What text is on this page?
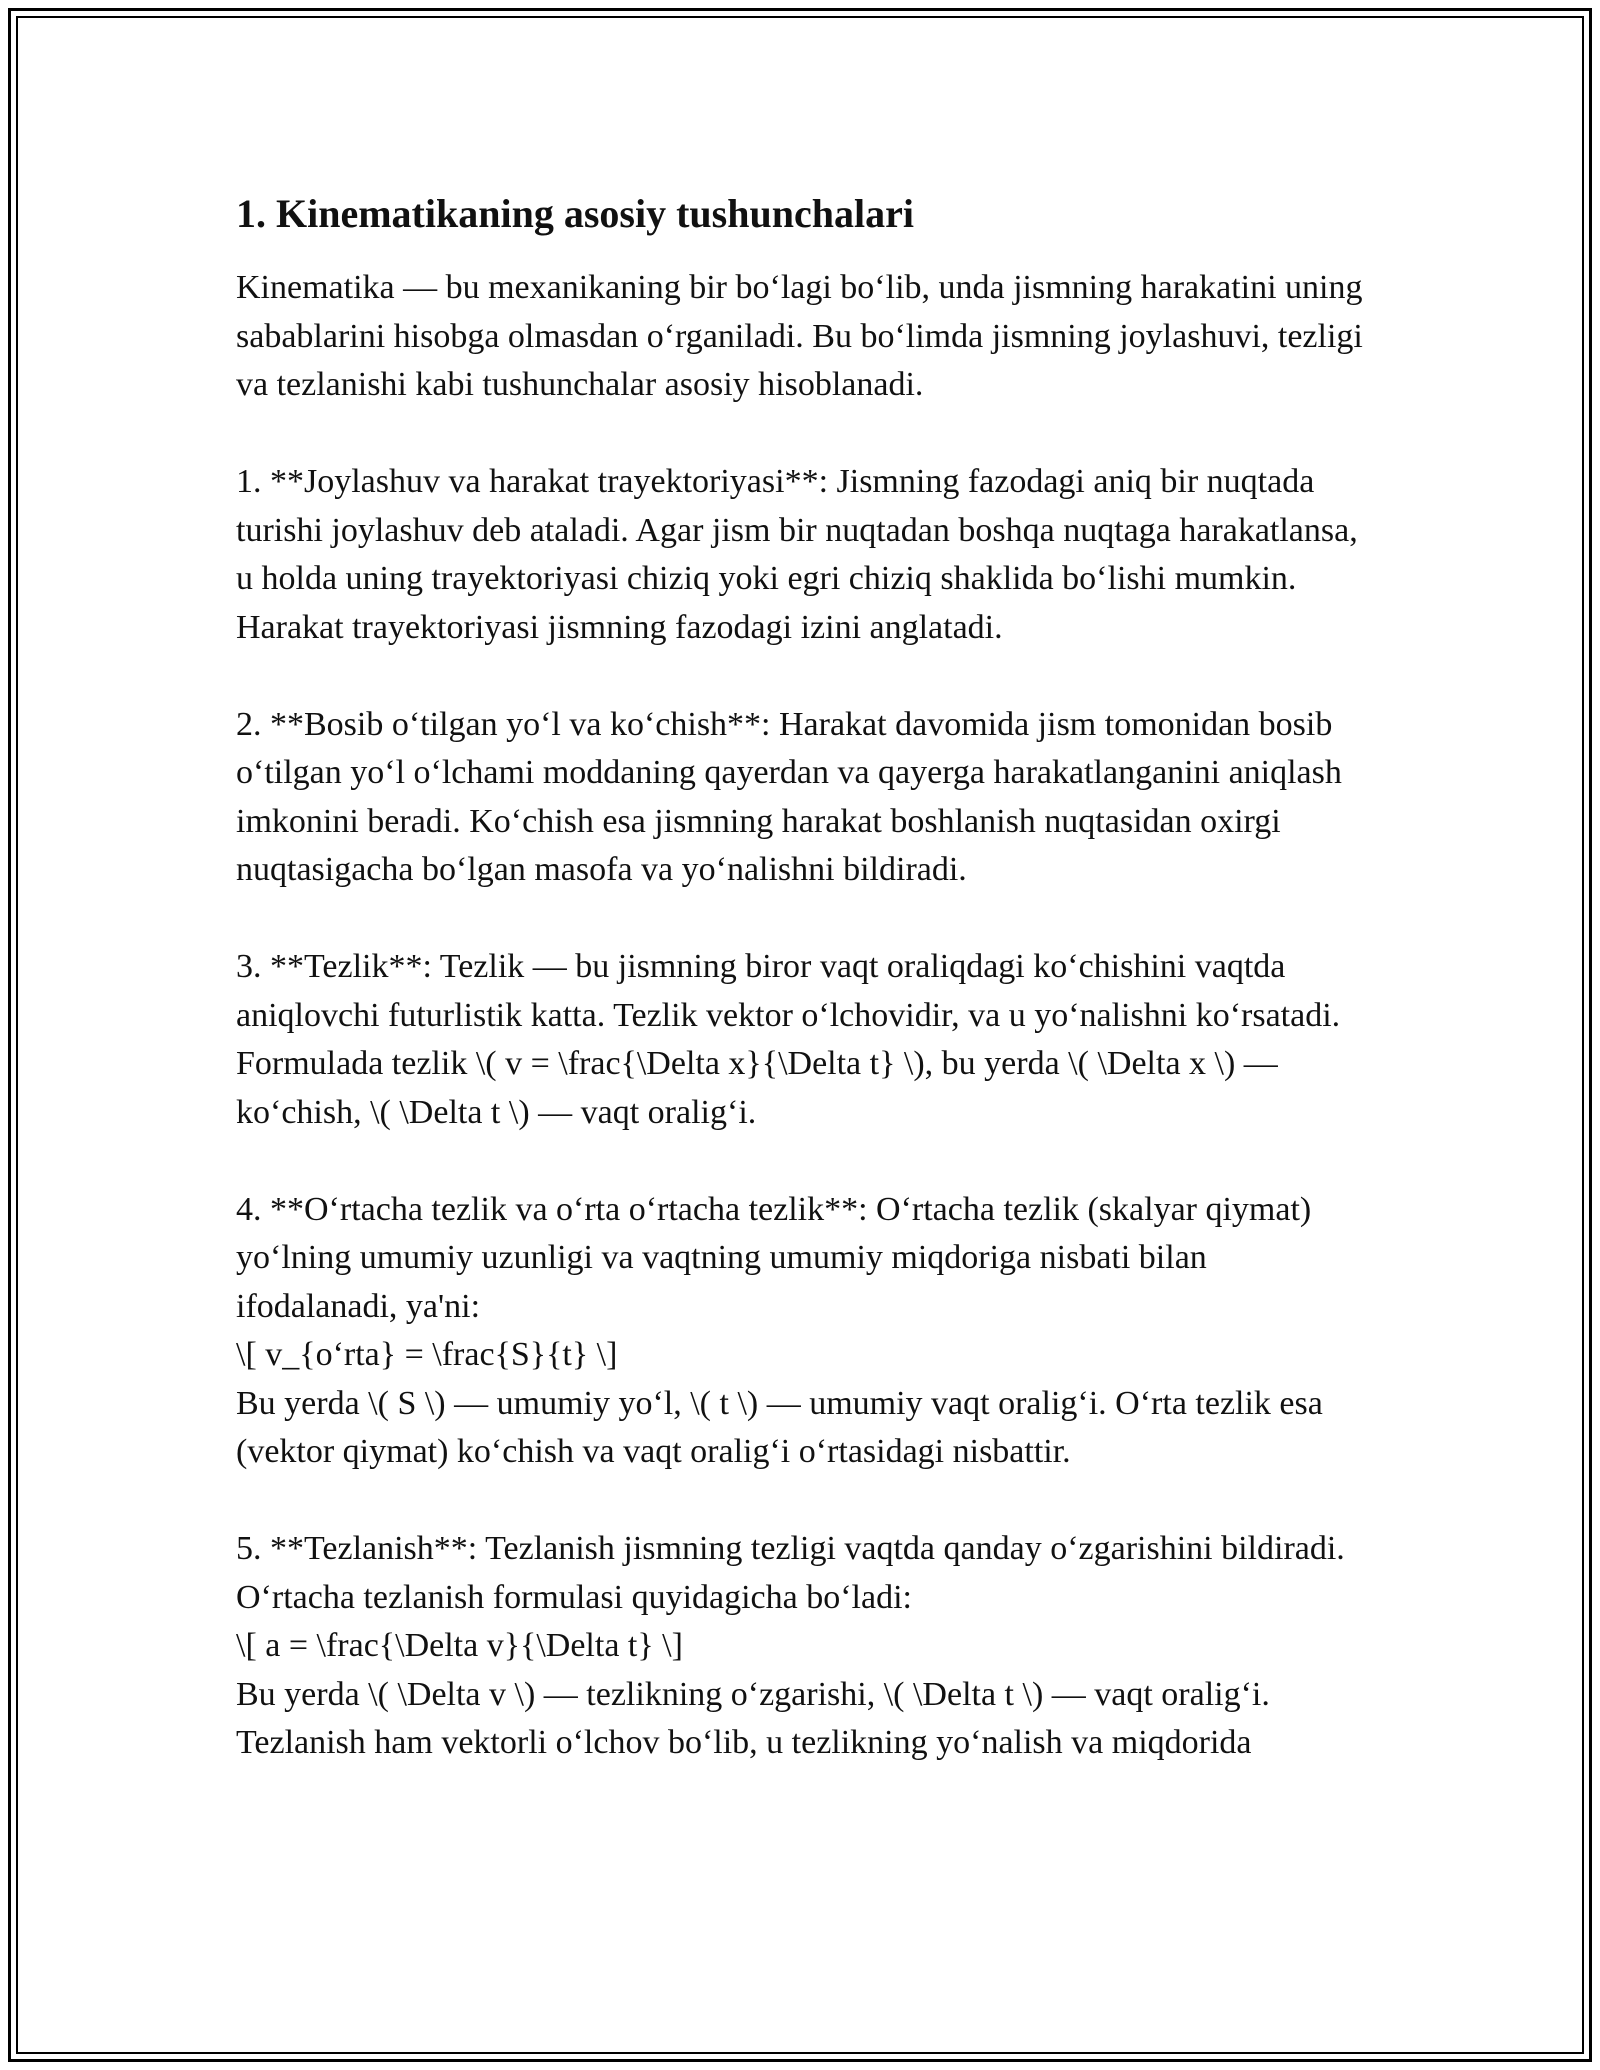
1. Kinematikaning asosiy tushunchalari

Kinematika — bu mexanikaning bir bo‘lagi bo‘lib, unda jismning harakatini uning sabablarini hisobga olmasdan o‘rganiladi. Bu bo‘limda jismning joylashuvi, tezligi va tezlanishi kabi tushunchalar asosiy hisoblanadi.

1. **Joylashuv va harakat trayektoriyasi**: Jismning fazodagi aniq bir nuqtada turishi joylashuv deb ataladi. Agar jism bir nuqtadan boshqa nuqtaga harakatlansa, u holda uning trayektoriyasi chiziq yoki egri chiziq shaklida bo‘lishi mumkin. Harakat trayektoriyasi jismning fazodagi izini anglatadi.

2. **Bosib o‘tilgan yo‘l va ko‘chish**: Harakat davomida jism tomonidan bosib o‘tilgan yo‘l o‘lchami moddaning qayerdan va qayerga harakatlanganini aniqlash imkonini beradi. Ko‘chish esa jismning harakat boshlanish nuqtasidan oxirgi nuqtasigacha bo‘lgan masofa va yo‘nalishni bildiradi.

3. **Tezlik**: Tezlik — bu jismning biror vaqt oraliqdagi ko‘chishini vaqtda aniqlovchi futurlistik katta. Tezlik vektor o‘lchovidir, va u yo‘nalishni ko‘rsatadi. Formulada tezlik \( v = \frac{\Delta x}{\Delta t} \), bu yerda \( \Delta x \) — ko‘chish, \( \Delta t \) — vaqt oralig‘i.

4. **O‘rtacha tezlik va o‘rta o‘rtacha tezlik**: O‘rtacha tezlik (skalyar qiymat) yo‘lning umumiy uzunligi va vaqtning umumiy miqdoriga nisbati bilan ifodalanadi, ya'ni:
\[ v_{o‘rta} = \frac{S}{t} \]
Bu yerda \( S \) — umumiy yo‘l, \( t \) — umumiy vaqt oralig‘i. O‘rta tezlik esa (vektor qiymat) ko‘chish va vaqt oralig‘i o‘rtasidagi nisbattir.

5. **Tezlanish**: Tezlanish jismning tezligi vaqtda qanday o‘zgarishini bildiradi. O‘rtacha tezlanish formulasi quyidagicha bo‘ladi:
\[ a = \frac{\Delta v}{\Delta t} \]
Bu yerda \( \Delta v \) — tezlikning o‘zgarishi, \( \Delta t \) — vaqt oralig‘i. Tezlanish ham vektorli o‘lchov bo‘lib, u tezlikning yo‘nalish va miqdorida
